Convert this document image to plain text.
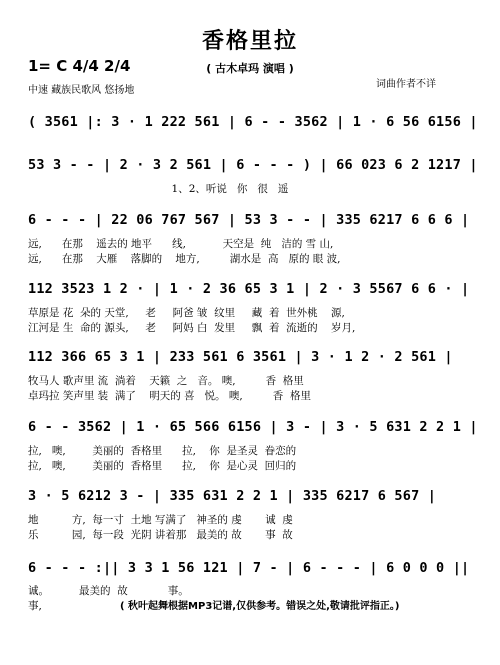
香格里拉
( 古木卓玛 演唱 )
1= C 4/4 2/4
中速 藏族民歌风 悠扬地
词曲作者不详
( 3561 |: 3 · 1 222 561 | 6 - - 3562 | 1 · 6 56 6156 |
53 3 - - | 2 · 3 2 561 | 6 - - - ) | 66 023 6 2 1217 |
1、2、听说   你   很   遥
6 - - - | 22 06 767 567 | 53 3 - - | 335 6217 6 6 6 |
远,      在那    遥去的 地平      线,           天空是  纯   洁的 雪 山,
远,      在那    大雁    落脚的    地方,         湖水是  高   原的 眼 波,
112 3523 1 2 · | 1 · 2 36 65 3 1 | 2 · 3 5567 6 6 · |
草原是 花  朵的 天堂,     老     阿爸 皱  纹里     藏  着  世外桃    源,
江河是 生  命的 源头,     老     阿妈 白  发里     飘  着  流逝的    岁月,
112 366 65 3 1 | 233 561 6 3561 | 3 · 1 2 · 2 561 |
牧马人 歌声里 流  淌着    天籁  之   音。 噢,         香  格里
卓玛拉 笑声里 装  满了    明天的 喜   悦。 噢,         香  格里
6 - - 3562 | 1 · 65 566 6156 | 3 - | 3 · 5 631 2 2 1 |
拉,   噢,        美丽的  香格里      拉,    你  是圣灵  眷恋的
拉,   噢,        美丽的  香格里      拉,    你  是心灵  回归的
3 · 5 6212 3 - | 335 631 2 2 1 | 335 6217 6 567 |
地          方,  每一寸  土地 写满了   神圣的 虔       诚  虔
乐          园,  每一段  光阴 讲着那   最美的 故       事  故
6 - - - :|| 3 3 1 56 121 | 7 - | 6 - - - | 6 0 0 0 ||
诚。         最美的  故            事。
事,	( 秋叶起舞根据MP3记谱,仅供参考。错误之处,敬请批评指正。)
